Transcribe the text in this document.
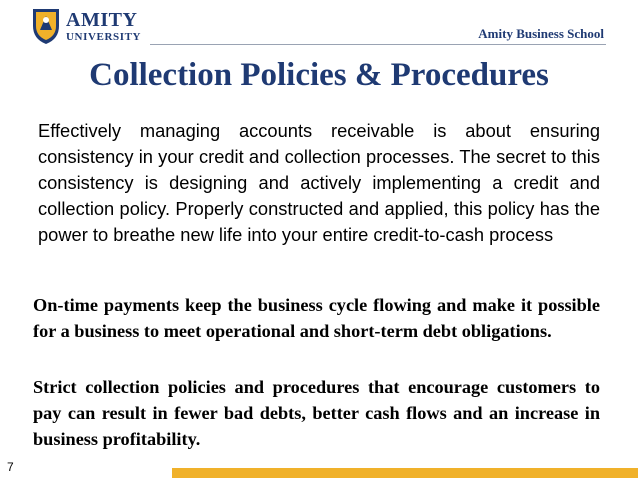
AMITY
UNIVERSITY	Amity Business School
Collection Policies & Procedures

Effectively managing accounts receivable is about ensuring consistency in your credit and collection processes. The secret to this consistency is designing and actively implementing a credit and collection policy. Properly constructed and applied, this policy has the power to breathe new life into your entire credit-to-cash process

On-time payments keep the business cycle flowing and make it possible for a business to meet operational and short-term debt obligations.

Strict collection policies and procedures that encourage customers to pay can result in fewer bad debts, better cash flows and an increase in business profitability.

7
